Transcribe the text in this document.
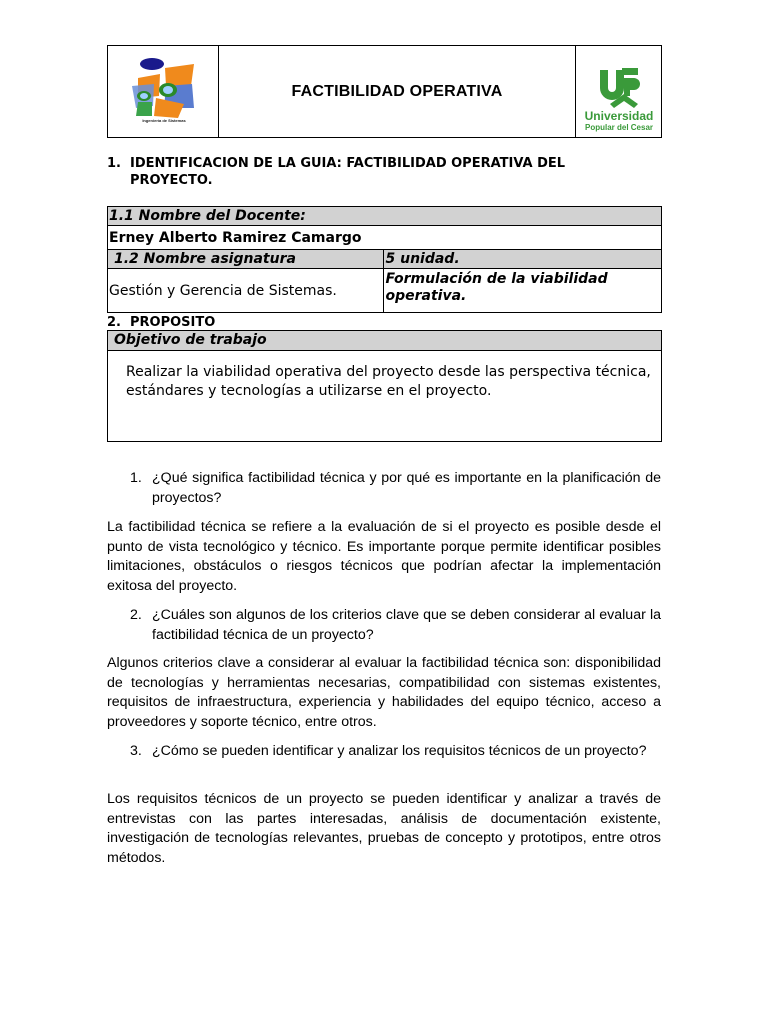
Ingeniería de Sistemas
FACTIBILIDAD OPERATIVA
Universidad
Popular del Cesar
1. IDENTIFICACION DE LA GUIA: FACTIBILIDAD OPERATIVA DEL PROYECTO.
1.1 Nombre del Docente:	
Erney Alberto Ramirez Camargo	
1.2 Nombre asignatura	5 unidad.
Gestión y Gerencia de Sistemas.	Formulación de la viabilidad operativa.
2. PROPOSITO
Objetivo de trabajo
Realizar la viabilidad operativa del proyecto desde las perspectiva técnica, estándares y tecnologías a utilizarse en el proyecto.
1. ¿Qué significa factibilidad técnica y por qué es importante en la planificación de proyectos?
La factibilidad técnica se refiere a la evaluación de si el proyecto es posible desde el punto de vista tecnológico y técnico. Es importante porque permite identificar posibles limitaciones, obstáculos o riesgos técnicos que podrían afectar la implementación exitosa del proyecto.
2. ¿Cuáles son algunos de los criterios clave que se deben considerar al evaluar la factibilidad técnica de un proyecto?
Algunos criterios clave a considerar al evaluar la factibilidad técnica son: disponibilidad de tecnologías y herramientas necesarias, compatibilidad con sistemas existentes, requisitos de infraestructura, experiencia y habilidades del equipo técnico, acceso a proveedores y soporte técnico, entre otros.
3. ¿Cómo se pueden identificar y analizar los requisitos técnicos de un proyecto?
Los requisitos técnicos de un proyecto se pueden identificar y analizar a través de entrevistas con las partes interesadas, análisis de documentación existente, investigación de tecnologías relevantes, pruebas de concepto y prototipos, entre otros métodos.
